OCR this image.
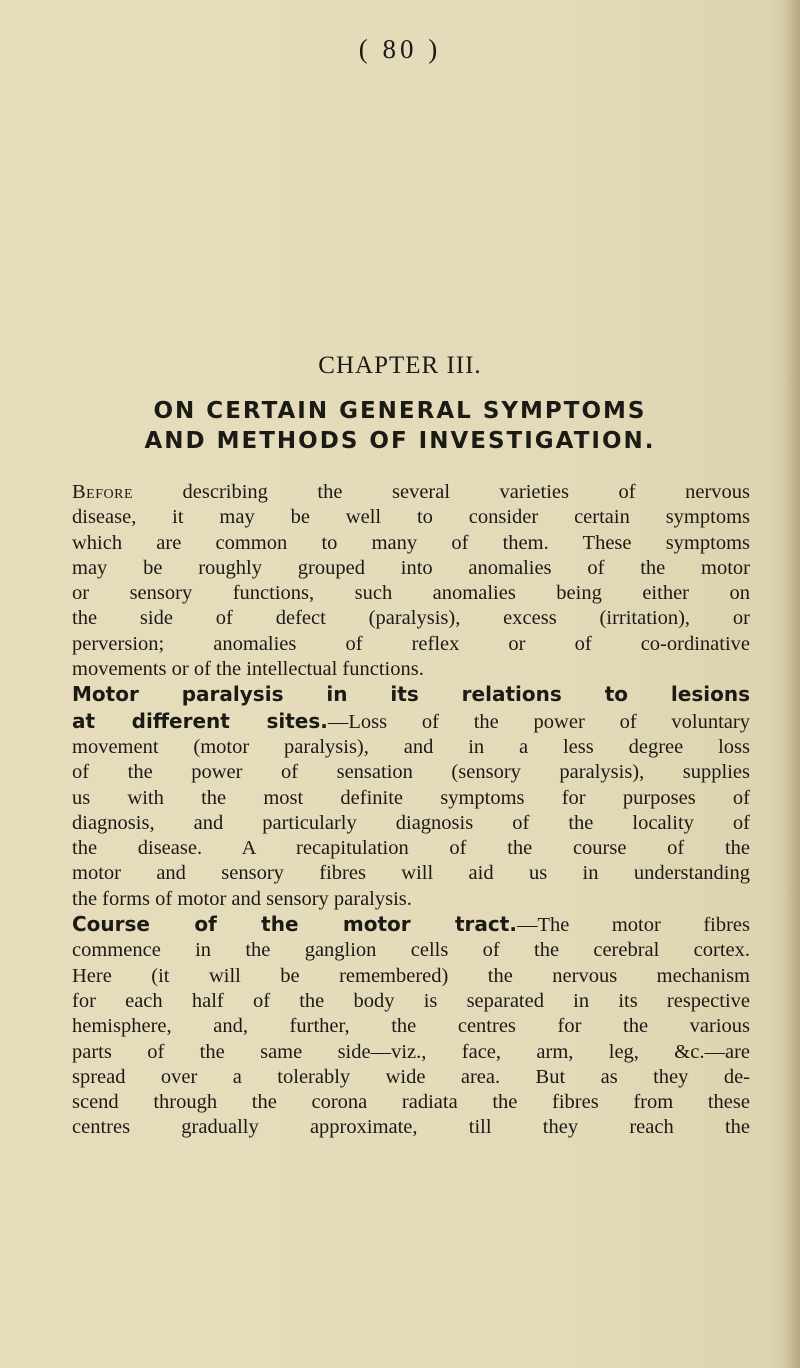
( 80 )
CHAPTER III.
ON CERTAIN GENERAL SYMPTOMS
AND METHODS OF INVESTIGATION.
Before describing the several varieties of nervous
disease, it may be well to consider certain symptoms
which are common to many of them. These symptoms
may be roughly grouped into anomalies of the motor
or sensory functions, such anomalies being either on
the side of defect (paralysis), excess (irritation), or
perversion; anomalies of reflex or of co-ordinative
movements or of the intellectual functions.
Motor paralysis in its relations to lesions
at different sites.—Loss of the power of voluntary
movement (motor paralysis), and in a less degree loss
of the power of sensation (sensory paralysis), supplies
us with the most definite symptoms for purposes of
diagnosis, and particularly diagnosis of the locality of
the disease. A recapitulation of the course of the
motor and sensory fibres will aid us in understanding
the forms of motor and sensory paralysis.
Course of the motor tract.—The motor fibres
commence in the ganglion cells of the cerebral cortex.
Here (it will be remembered) the nervous mechanism
for each half of the body is separated in its respective
hemisphere, and, further, the centres for the various
parts of the same side—viz., face, arm, leg, &c.—are
spread over a tolerably wide area. But as they de-
scend through the corona radiata the fibres from these
centres gradually approximate, till they reach the
